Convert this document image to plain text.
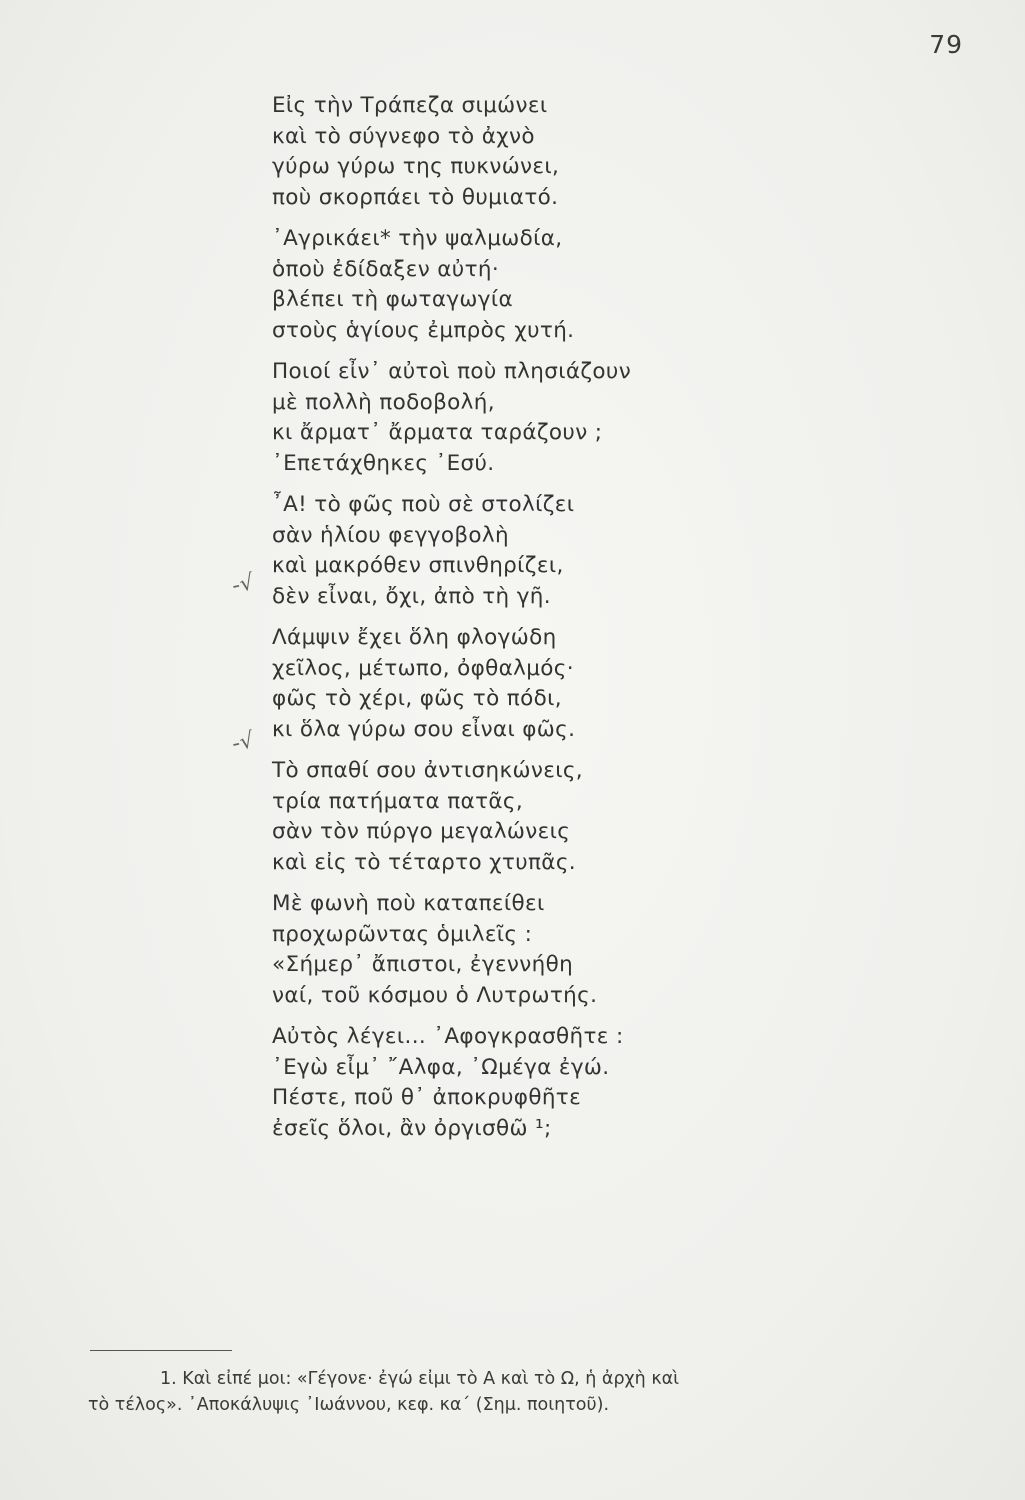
79
Εἰς τὴν Τράπεζα σιμώνει
καὶ τὸ σύγνεφο τὸ ἀχνὸ
γύρω γύρω της πυκνώνει,
ποὺ σκορπάει τὸ θυμιατό.
᾿Αγρικάει* τὴν ψαλμωδία,
ὁποὺ ἐδίδαξεν αὐτή·
βλέπει τὴ φωταγωγία
στοὺς ἁγίους ἐμπρὸς χυτή.
Ποιοί εἶν᾿ αὐτοὶ ποὺ πλησιάζουν
μὲ πολλὴ ποδοβολή,
κι ἄρματ᾿ ἄρματα ταράζουν ;
᾿Επετάχθηκες ᾿Εσύ.
῏Α! τὸ φῶς ποὺ σὲ στολίζει
σὰν ἡλίου φεγγοβολὴ
καὶ μακρόθεν σπινθηρίζει,
δὲν εἶναι, ὄχι, ἀπὸ τὴ γῆ.
Λάμψιν ἔχει ὅλη φλογώδη
χεῖλος, μέτωπο, ὀφθαλμός·
φῶς τὸ χέρι, φῶς τὸ πόδι,
κι ὅλα γύρω σου εἶναι φῶς.
Τὸ σπαθί σου ἀντισηκώνεις,
τρία πατήματα πατᾶς,
σὰν τὸν πύργο μεγαλώνεις
καὶ εἰς τὸ τέταρτο χτυπᾶς.
Μὲ φωνὴ ποὺ καταπείθει
προχωρῶντας ὁμιλεῖς :
«Σήμερ᾿ ἄπιστοι, ἐγεννήθη
ναί, τοῦ κόσμου ὁ Λυτρωτής.
Αὐτὸς λέγει... ᾿Αφογκρασθῆτε :
᾿Εγὼ εἶμ᾿ ῎Αλφα, ᾿Ωμέγα ἐγώ.
Πέστε, ποῦ θ᾿ ἀποκρυφθῆτε
ἐσεῖς ὅλοι, ἂν ὀργισθῶ ¹;
-√
-√
1. Καὶ εἰπέ μοι: «Γέγονε· ἐγώ εἰμι τὸ Α καὶ τὸ Ω, ἡ ἀρχὴ καὶ
τὸ τέλος». ᾿Αποκάλυψις ᾿Ιωάννου, κεφ. κα΄ (Σημ. ποιητοῦ).
